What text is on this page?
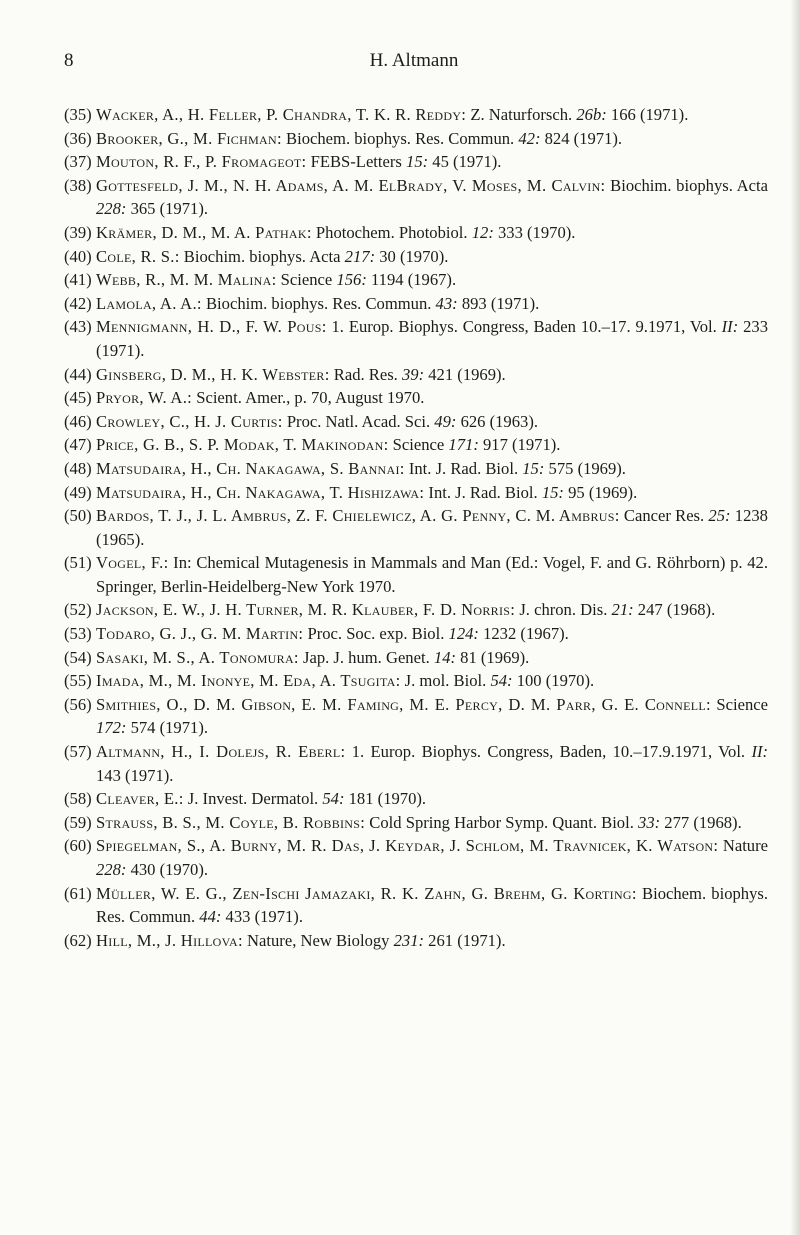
8	H. Altmann
(35) Wacker, A., H. Feller, P. Chandra, T. K. R. Reddy: Z. Naturforsch. 26b: 166 (1971).
(36) Brooker, G., M. Fichman: Biochem. biophys. Res. Commun. 42: 824 (1971).
(37) Mouton, R. F., P. Fromageot: FEBS-Letters 15: 45 (1971).
(38) Gottesfeld, J. M., N. H. Adams, A. M. ElBrady, V. Moses, M. Calvin: Biochim. biophys. Acta 228: 365 (1971).
(39) Krämer, D. M., M. A. Pathak: Photochem. Photobiol. 12: 333 (1970).
(40) Cole, R. S.: Biochim. biophys. Acta 217: 30 (1970).
(41) Webb, R., M. M. Malina: Science 156: 1194 (1967).
(42) Lamola, A. A.: Biochim. biophys. Res. Commun. 43: 893 (1971).
(43) Mennigmann, H. D., F. W. Pous: 1. Europ. Biophys. Congress, Baden 10.–17. 9.1971, Vol. II: 233 (1971).
(44) Ginsberg, D. M., H. K. Webster: Rad. Res. 39: 421 (1969).
(45) Pryor, W. A.: Scient. Amer., p. 70, August 1970.
(46) Crowley, C., H. J. Curtis: Proc. Natl. Acad. Sci. 49: 626 (1963).
(47) Price, G. B., S. P. Modak, T. Makinodan: Science 171: 917 (1971).
(48) Matsudaira, H., Ch. Nakagawa, S. Bannai: Int. J. Rad. Biol. 15: 575 (1969).
(49) Matsudaira, H., Ch. Nakagawa, T. Hishizawa: Int. J. Rad. Biol. 15: 95 (1969).
(50) Bardos, T. J., J. L. Ambrus, Z. F. Chielewicz, A. G. Penny, C. M. Ambrus: Cancer Res. 25: 1238 (1965).
(51) Vogel, F.: In: Chemical Mutagenesis in Mammals and Man (Ed.: Vogel, F. and G. Röhrborn) p. 42. Springer, Berlin-Heidelberg-New York 1970.
(52) Jackson, E. W., J. H. Turner, M. R. Klauber, F. D. Norris: J. chron. Dis. 21: 247 (1968).
(53) Todaro, G. J., G. M. Martin: Proc. Soc. exp. Biol. 124: 1232 (1967).
(54) Sasaki, M. S., A. Tonomura: Jap. J. hum. Genet. 14: 81 (1969).
(55) Imada, M., M. Inonye, M. Eda, A. Tsugita: J. mol. Biol. 54: 100 (1970).
(56) Smithies, O., D. M. Gibson, E. M. Faming, M. E. Percy, D. M. Parr, G. E. Connell: Science 172: 574 (1971).
(57) Altmann, H., I. Dolejs, R. Eberl: 1. Europ. Biophys. Congress, Baden, 10.–17.9.1971, Vol. II: 143 (1971).
(58) Cleaver, E.: J. Invest. Dermatol. 54: 181 (1970).
(59) Strauss, B. S., M. Coyle, B. Robbins: Cold Spring Harbor Symp. Quant. Biol. 33: 277 (1968).
(60) Spiegelman, S., A. Burny, M. R. Das, J. Keydar, J. Schlom, M. Travnicek, K. Watson: Nature 228: 430 (1970).
(61) Müller, W. E. G., Zen-Ischi Jamazaki, R. K. Zahn, G. Brehm, G. Korting: Biochem. biophys. Res. Commun. 44: 433 (1971).
(62) Hill, M., J. Hillova: Nature, New Biology 231: 261 (1971).
